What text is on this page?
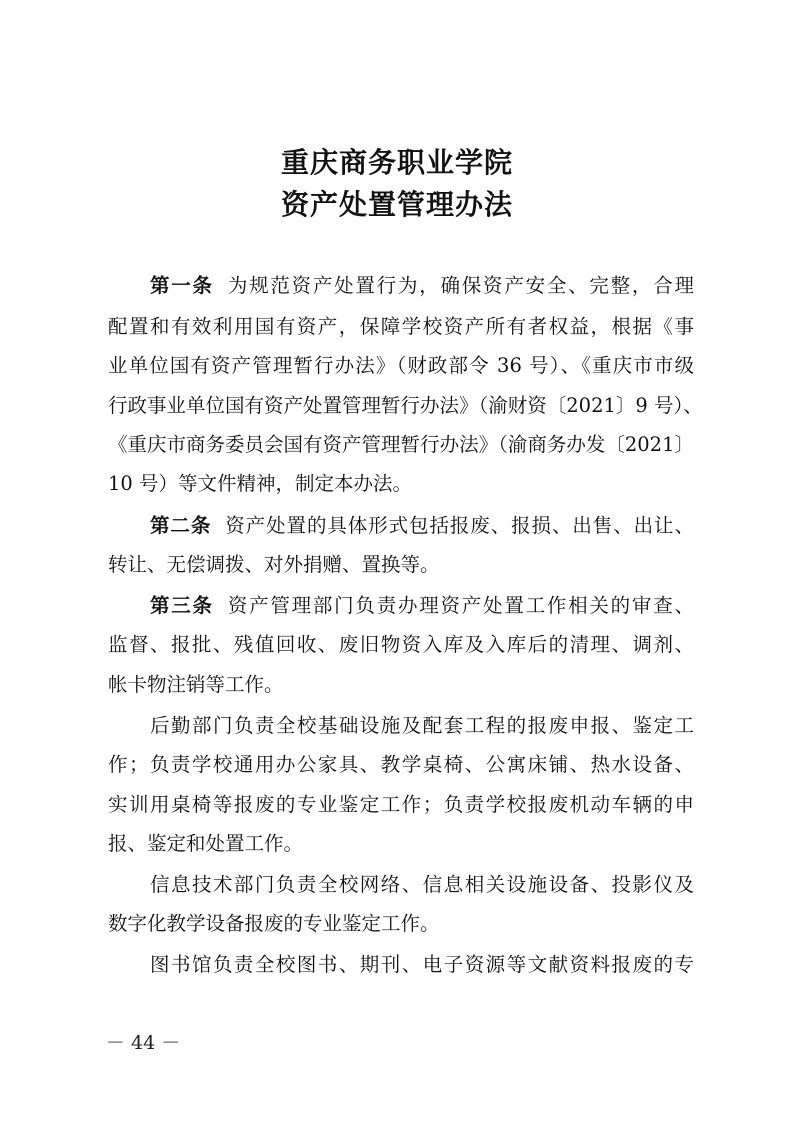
重庆商务职业学院
资产处置管理办法
第一条 为规范资产处置行为，确保资产安全、完整，合理
配置和有效利用国有资产，保障学校资产所有者权益，根据《事
业单位国有资产管理暂行办法》（财政部令 36 号）、《重庆市市级
行政事业单位国有资产处置管理暂行办法》（渝财资〔2021〕9 号）、
《重庆市商务委员会国有资产管理暂行办法》（渝商务办发〔2021〕
10 号）等文件精神，制定本办法。
第二条 资产处置的具体形式包括报废、报损、出售、出让、
转让、无偿调拨、对外捐赠、置换等。
第三条 资产管理部门负责办理资产处置工作相关的审查、
监督、报批、残值回收、废旧物资入库及入库后的清理、调剂、
帐卡物注销等工作。
后勤部门负责全校基础设施及配套工程的报废申报、鉴定工
作；负责学校通用办公家具、教学桌椅、公寓床铺、热水设备、
实训用桌椅等报废的专业鉴定工作；负责学校报废机动车辆的申
报、鉴定和处置工作。
信息技术部门负责全校网络、信息相关设施设备、投影仪及
数字化教学设备报废的专业鉴定工作。
图书馆负责全校图书、期刊、电子资源等文献资料报废的专
－ 44 －
